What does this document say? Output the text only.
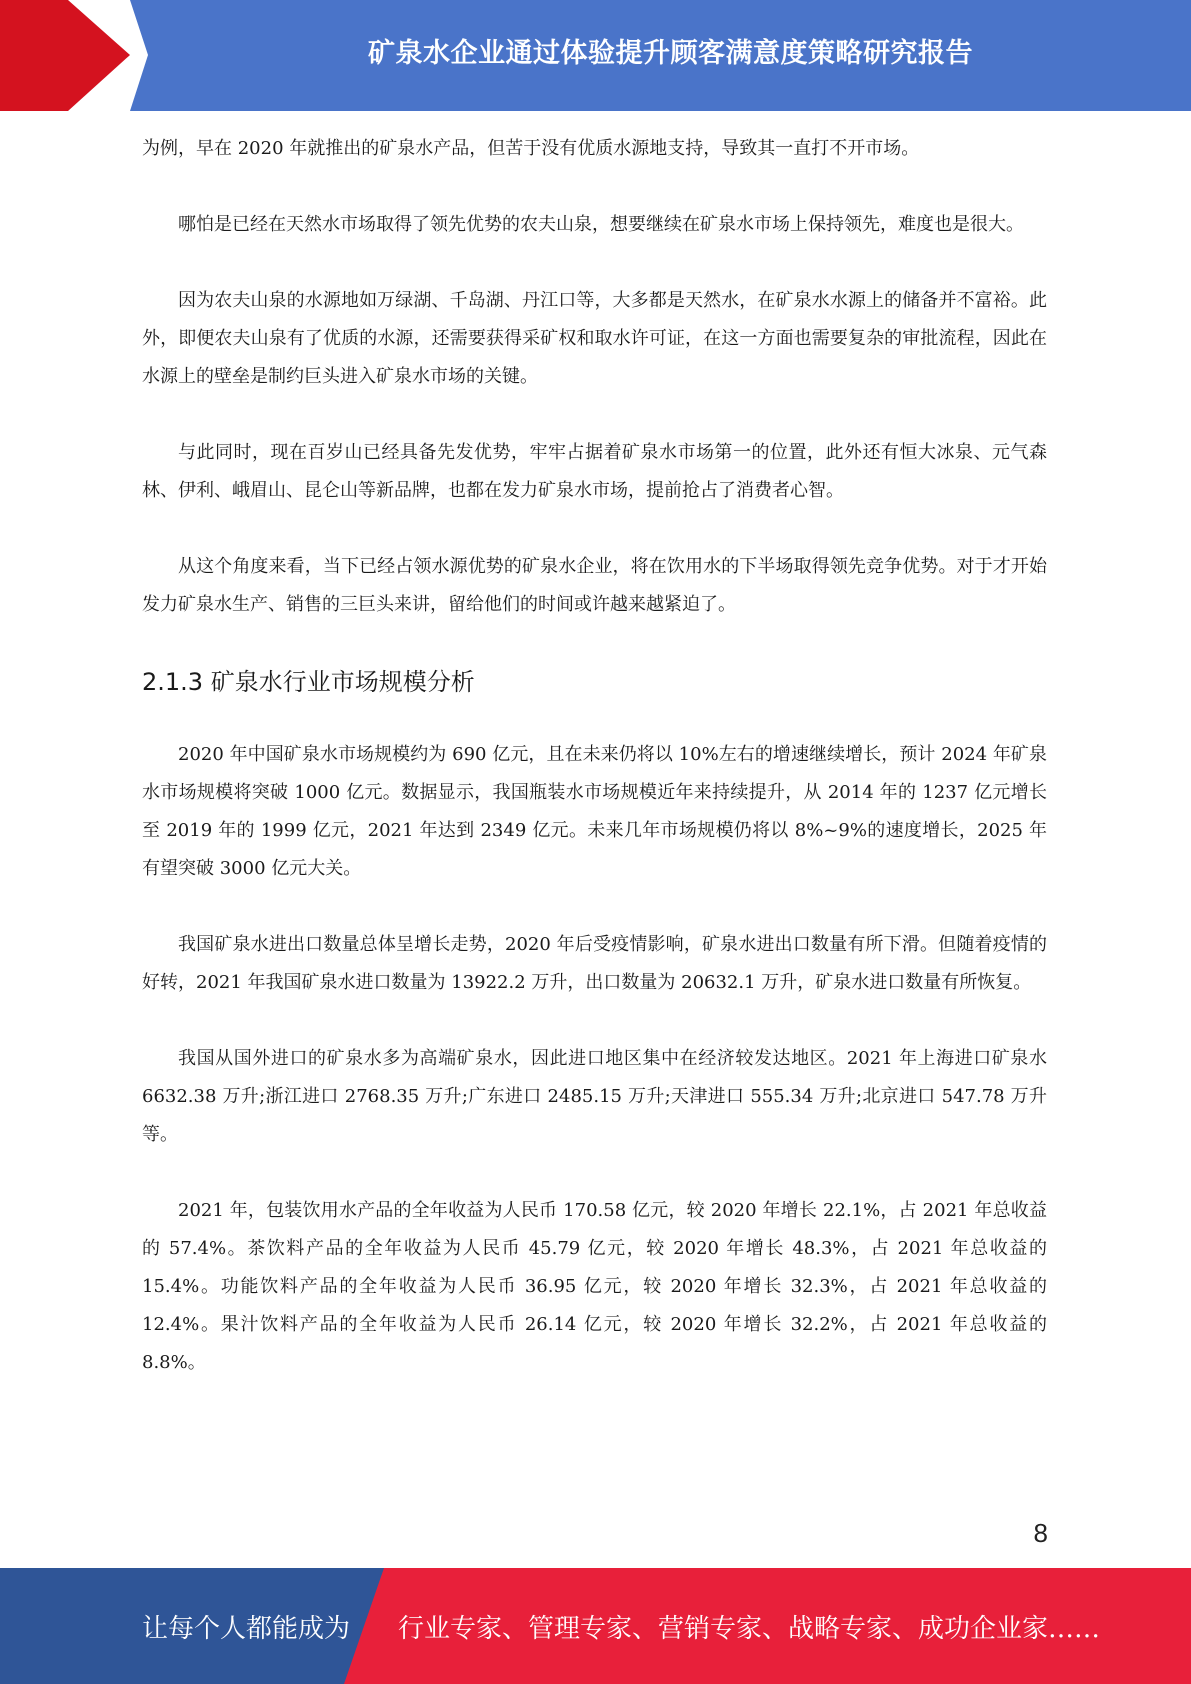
矿泉水企业通过体验提升顾客满意度策略研究报告

为例，早在 2020 年就推出的矿泉水产品，但苦于没有优质水源地支持，导致其一直打不开市场。

哪怕是已经在天然水市场取得了领先优势的农夫山泉，想要继续在矿泉水市场上保持领先，难度也是很大。

因为农夫山泉的水源地如万绿湖、千岛湖、丹江口等，大多都是天然水，在矿泉水水源上的储备并不富裕。此外，即便农夫山泉有了优质的水源，还需要获得采矿权和取水许可证，在这一方面也需要复杂的审批流程，因此在水源上的壁垒是制约巨头进入矿泉水市场的关键。

与此同时，现在百岁山已经具备先发优势，牢牢占据着矿泉水市场第一的位置，此外还有恒大冰泉、元气森林、伊利、峨眉山、昆仑山等新品牌，也都在发力矿泉水市场，提前抢占了消费者心智。

从这个角度来看，当下已经占领水源优势的矿泉水企业，将在饮用水的下半场取得领先竞争优势。对于才开始发力矿泉水生产、销售的三巨头来讲，留给他们的时间或许越来越紧迫了。

2.1.3 矿泉水行业市场规模分析

2020 年中国矿泉水市场规模约为 690 亿元，且在未来仍将以 10%左右的增速继续增长，预计 2024 年矿泉水市场规模将突破 1000 亿元。数据显示，我国瓶装水市场规模近年来持续提升，从 2014 年的 1237 亿元增长至 2019 年的 1999 亿元，2021 年达到 2349 亿元。未来几年市场规模仍将以 8%~9%的速度增长，2025 年有望突破 3000 亿元大关。

我国矿泉水进出口数量总体呈增长走势，2020 年后受疫情影响，矿泉水进出口数量有所下滑。但随着疫情的好转，2021 年我国矿泉水进口数量为 13922.2 万升，出口数量为 20632.1 万升，矿泉水进口数量有所恢复。

我国从国外进口的矿泉水多为高端矿泉水，因此进口地区集中在经济较发达地区。2021 年上海进口矿泉水 6632.38 万升;浙江进口 2768.35 万升;广东进口 2485.15 万升;天津进口 555.34 万升;北京进口 547.78 万升等。

2021 年，包装饮用水产品的全年收益为人民币 170.58 亿元，较 2020 年增长 22.1%，占 2021 年总收益的 57.4%。茶饮料产品的全年收益为人民币 45.79 亿元，较 2020 年增长 48.3%，占 2021 年总收益的 15.4%。功能饮料产品的全年收益为人民币 36.95 亿元，较 2020 年增长 32.3%，占 2021 年总收益的 12.4%。果汁饮料产品的全年收益为人民币 26.14 亿元，较 2020 年增长 32.2%，占 2021 年总收益的 8.8%。

8
让每个人都能成为 行业专家、管理专家、营销专家、战略专家、成功企业家……
